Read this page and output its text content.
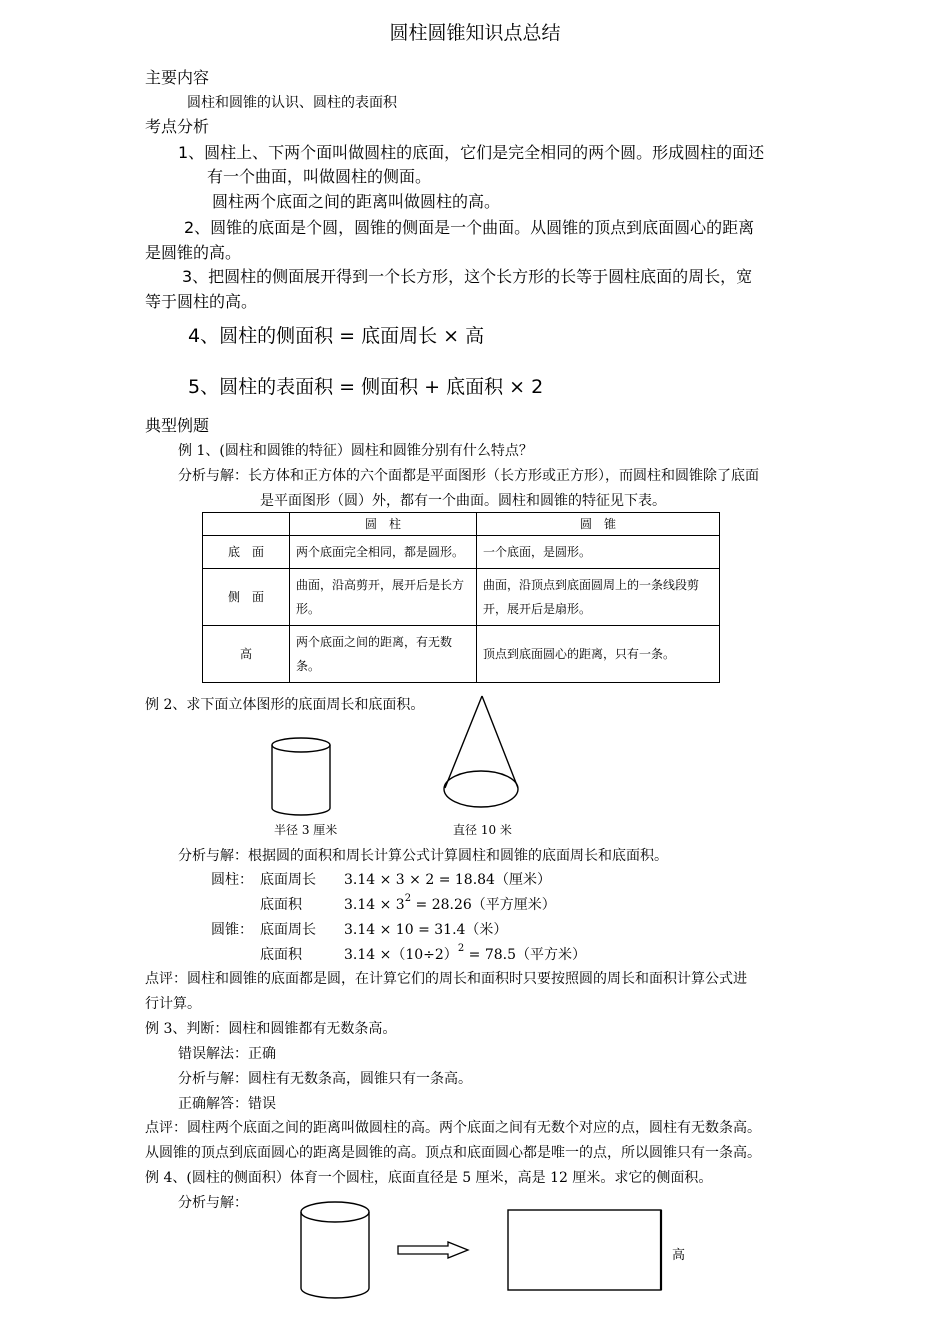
圆柱圆锥知识点总结
主要内容
圆柱和圆锥的认识、圆柱的表面积
考点分析
1、圆柱上、下两个面叫做圆柱的底面，它们是完全相同的两个圆。形成圆柱的面还
有一个曲面，叫做圆柱的侧面。
圆柱两个底面之间的距离叫做圆柱的高。
2、圆锥的底面是个圆，圆锥的侧面是一个曲面。从圆锥的顶点到底面圆心的距离
是圆锥的高。
3、把圆柱的侧面展开得到一个长方形，这个长方形的长等于圆柱底面的周长，宽
等于圆柱的高。
4、圆柱的侧面积 = 底面周长 × 高
5、圆柱的表面积 = 侧面积 + 底面积 × 2
典型例题
例 1、(圆柱和圆锥的特征）圆柱和圆锥分别有什么特点？
分析与解：长方体和正方体的六个面都是平面图形（长方形或正方形），而圆柱和圆锥除了底面
是平面图形（圆）外，都有一个曲面。圆柱和圆锥的特征见下表。
	圆　柱	圆　锥
底　面	两个底面完全相同，都是圆形。	一个底面，是圆形。
侧　面	曲面，沿高剪开，展开后是长方形。	曲面，沿顶点到底面圆周上的一条线段剪开，展开后是扇形。
高	两个底面之间的距离，有无数条。	顶点到底面圆心的距离，只有一条。
例 2、求下面立体图形的底面周长和底面积。
半径 3 厘米	直径 10 米
分析与解：根据圆的面积和周长计算公式计算圆柱和圆锥的底面周长和底面积。
圆柱： 底面周长 3.14 × 3 × 2 = 18.84（厘米）
底面积	$3.14 \times 3^2 = 28.26$（平方厘米）
圆锥： 底面周长 3.14 × 10 = 31.4（米）
底面积	$3.14 \times(10\div 2)^2 = 78.5$（平方米）
点评：圆柱和圆锥的底面都是圆，在计算它们的周长和面积时只要按照圆的周长和面积计算公式进
行计算。
例 3、判断：圆柱和圆锥都有无数条高。
错误解法：正确
分析与解：圆柱有无数条高，圆锥只有一条高。
正确解答：错误
点评：圆柱两个底面之间的距离叫做圆柱的高。两个底面之间有无数个对应的点，圆柱有无数条高。
从圆锥的顶点到底面圆心的距离是圆锥的高。顶点和底面圆心都是唯一的点，所以圆锥只有一条高。
例 4、(圆柱的侧面积）体育一个圆柱，底面直径是 5 厘米，高是 12 厘米。求它的侧面积。
分析与解：
高
